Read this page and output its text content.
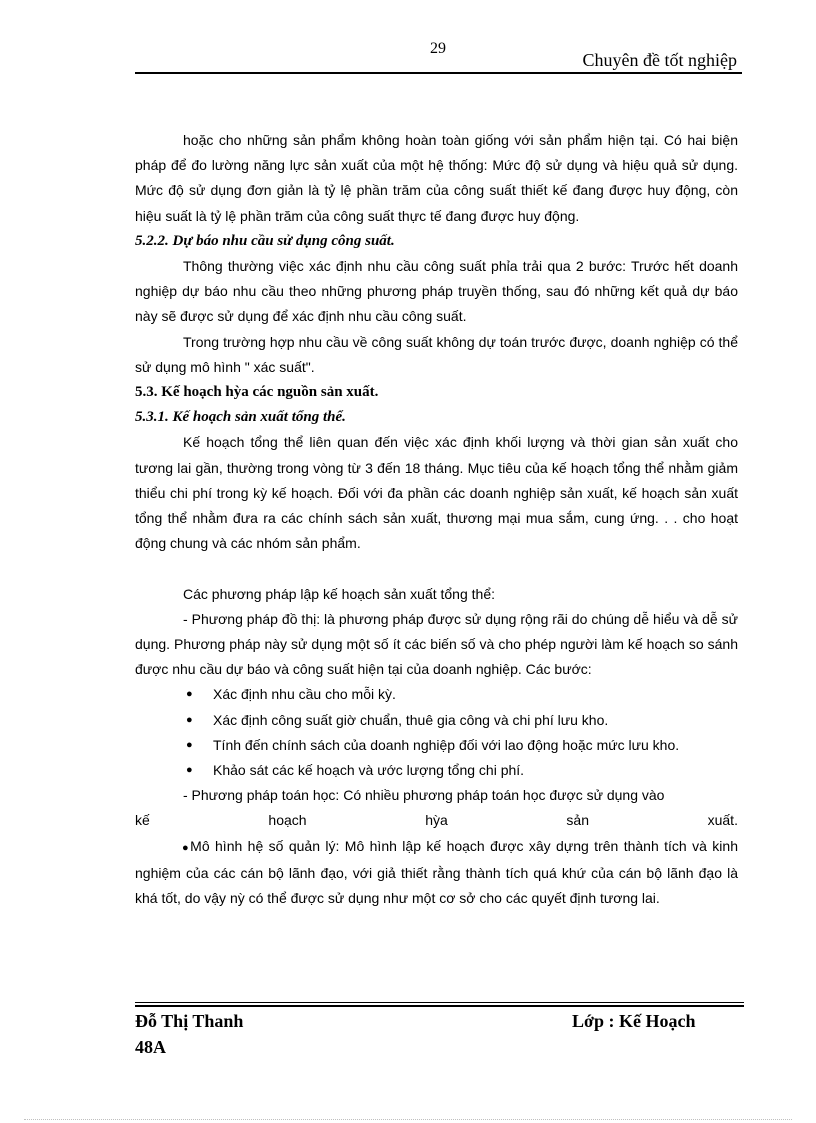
29
Chuyên đề tốt nghiệp

hoặc cho những sản phẩm không hoàn toàn giống với sản phẩm hiện tại. Có hai biện pháp để đo lường năng lực sản xuất của một hệ thống: Mức độ sử dụng và hiệu quả sử dụng. Mức độ sử dụng đơn giản là tỷ lệ phần trăm của công suất thiết kế đang được huy động, còn hiệu suất là tỷ lệ phần trăm của công suất thực tế đang được huy động.

5.2.2. Dự báo nhu cầu sử dụng công suất.

Thông thường việc xác định nhu cầu công suất phỉa trải qua 2 bước: Trước hết doanh nghiệp dự báo nhu cầu theo những phương pháp truyền thống, sau đó những kết quả dự báo này sẽ được sử dụng để xác định nhu cầu công suất.

Trong trường hợp nhu cầu về công suất không dự toán trước được, doanh nghiệp có thể sử dụng mô hình " xác suất".

5.3. Kế hoạch hỳa các nguồn sản xuất.

5.3.1. Kế hoạch sản xuất tổng thể.

Kế hoạch tổng thể liên quan đến việc xác định khối lượng và thời gian sản xuất cho tương lai gần, thường trong vòng từ 3 đến 18 tháng. Mục tiêu của kế hoạch tổng thể nhằm giảm thiểu chi phí trong kỳ kế hoạch. Đối với đa phần các doanh nghiệp sản xuất, kế hoạch sản xuất tổng thể nhằm đưa ra các chính sách sản xuất, thương mại mua sắm, cung ứng. . . cho hoạt động chung và các nhóm sản phẩm.

Các phương pháp lập kế hoạch sản xuất tổng thể:

- Phương pháp đồ thị: là phương pháp được sử dụng rộng rãi do chúng dễ hiểu và dễ sử dụng. Phương pháp này sử dụng một số ít các biến số và cho phép người làm kế hoạch so sánh được nhu cầu dự báo và công suất hiện tại của doanh nghiệp. Các bước:

● Xác định nhu cầu cho mỗi kỳ.
● Xác định công suất giờ chuẩn, thuê gia công và chi phí lưu kho.
● Tính đến chính sách của doanh nghiệp đối với lao động hoặc mức lưu kho.
● Khảo sát các kế hoạch và ước lượng tổng chi phí.

- Phương pháp toán học: Có nhiều phương pháp toán học được sử dụng vào

kế	hoạch	hỳa	sản	xuất.

●Mô hình hệ số quản lý: Mô hình lập kế hoạch được xây dựng trên thành tích và kinh nghiệm của các cán bộ lãnh đạo, với giả thiết rằng thành tích quá khứ của cán bộ lãnh đạo là khá tốt, do vậy nỳ có thể được sử dụng như một cơ sở cho các quyết định tương lai.

Đỗ Thị Thanh
48A
Lớp : Kế Hoạch
